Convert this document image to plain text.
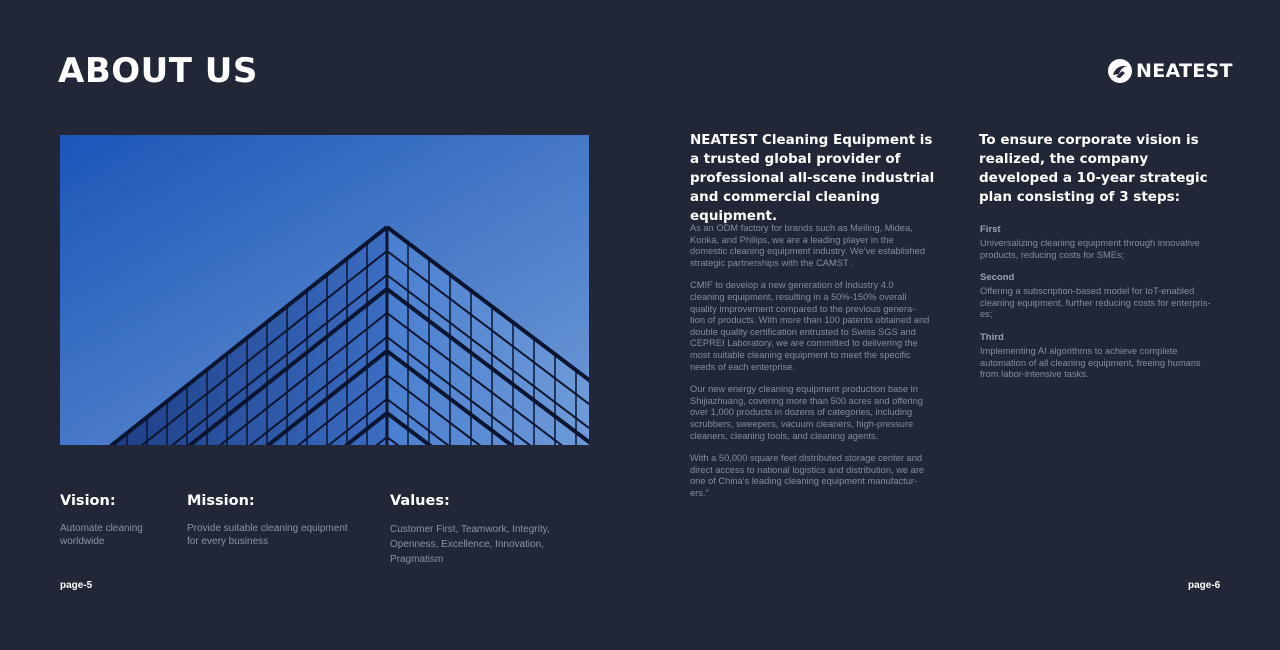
ABOUT US	NEATEST
Vision:
Automate cleaning worldwide
Mission:
Provide suitable cleaning equipment for every business
Values:
Customer First, Teamwork, Integrity, Openness, Excellence, Innovation, Pragmatism
page-5	page-6
NEATEST Cleaning Equipment is a trusted global provider of professional all-scene industrial and commercial cleaning equipment.

As an ODM factory for brands such as Meiling, Midea, Konka, and Philips, we are a leading player in the domestic cleaning equipment industry. We've established strategic partnerships with the CAMST .

CMIF to develop a new generation of Industry 4.0 cleaning equipment, resulting in a 50%-150% overall quality improvement compared to the previous genera-tion of products. With more than 100 patents obtained and double quality certification entrusted to Swiss SGS and CEPREI Laboratory, we are committed to delivering the most suitable cleaning equipment to meet the specific needs of each enterprise.

Our new energy cleaning equipment production base in Shijiazhuang, covering more than 500 acres and offering over 1,000 products in dozens of categories, including scrubbers, sweepers, vacuum cleaners, high-pressure cleaners, cleaning tools, and cleaning agents.

With a 50,000 square feet distributed storage center and direct access to national logistics and distribution, we are one of China's leading cleaning equipment manufactur-ers."

To ensure corporate vision is realized, the company developed a 10-year strategic plan consisting of 3 steps:
First
Universalizing cleaning equipment through innovative products, reducing costs for SMEs;
Second
Offering a subscription-based model for IoT-enabled cleaning equipment, further reducing costs for enterpris-es;
Third
Implementing AI algorithms to achieve complete automation of all cleaning equipment, freeing humans from labor-intensive tasks.
